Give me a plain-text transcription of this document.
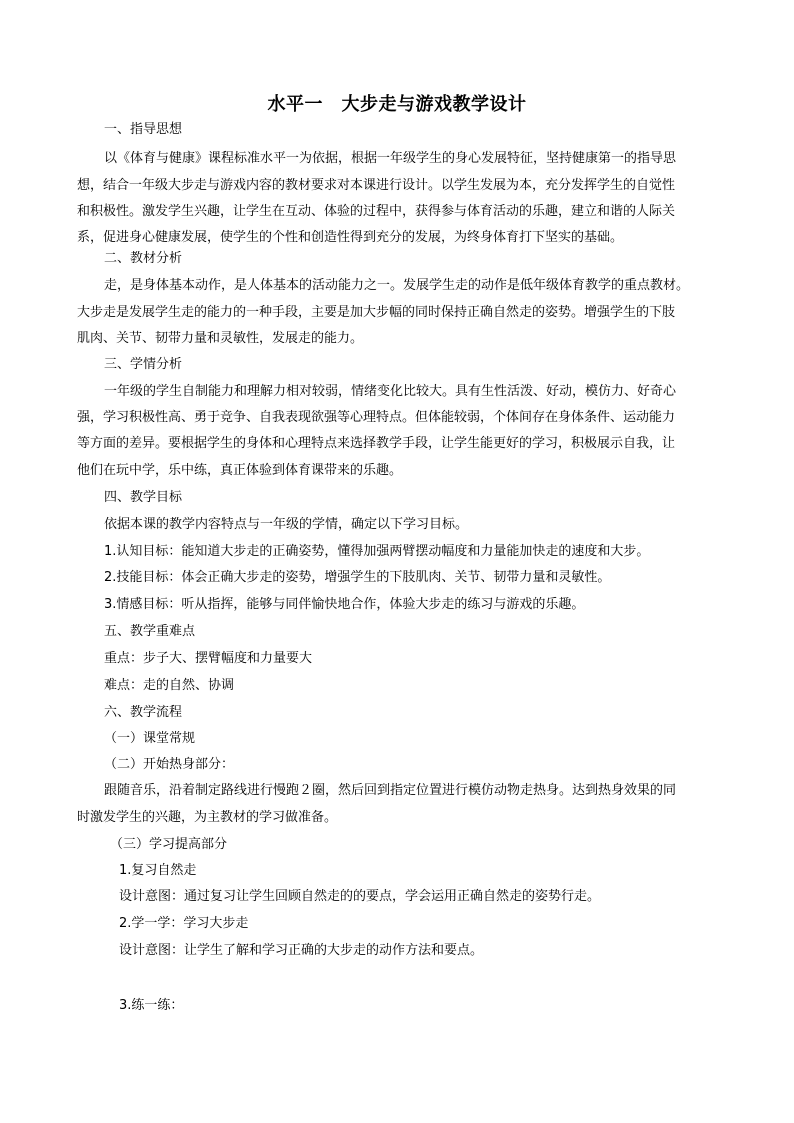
水平一　大步走与游戏教学设计
一、指导思想
以《体育与健康》课程标准水平一为依据，根据一年级学生的身心发展特征，坚持健康第一的指导思
想，结合一年级大步走与游戏内容的教材要求对本课进行设计。以学生发展为本，充分发挥学生的自觉性
和积极性。激发学生兴趣，让学生在互动、体验的过程中，获得参与体育活动的乐趣，建立和谐的人际关
系，促进身心健康发展，使学生的个性和创造性得到充分的发展，为终身体育打下坚实的基础。
二、教材分析
走，是身体基本动作，是人体基本的活动能力之一。发展学生走的动作是低年级体育教学的重点教材。
大步走是发展学生走的能力的一种手段，主要是加大步幅的同时保持正确自然走的姿势。增强学生的下肢
肌肉、关节、韧带力量和灵敏性，发展走的能力。
三、学情分析
一年级的学生自制能力和理解力相对较弱，情绪变化比较大。具有生性活泼、好动，模仿力、好奇心
强，学习积极性高、勇于竞争、自我表现欲强等心理特点。但体能较弱，个体间存在身体条件、运动能力
等方面的差异。要根据学生的身体和心理特点来选择教学手段，让学生能更好的学习，积极展示自我，让
他们在玩中学，乐中练，真正体验到体育课带来的乐趣。
四、教学目标
依据本课的教学内容特点与一年级的学情，确定以下学习目标。
1.认知目标：能知道大步走的正确姿势，懂得加强两臂摆动幅度和力量能加快走的速度和大步。
2.技能目标：体会正确大步走的姿势，增强学生的下肢肌肉、关节、韧带力量和灵敏性。
3.情感目标：听从指挥，能够与同伴愉快地合作，体验大步走的练习与游戏的乐趣。
五、教学重难点
重点：步子大、摆臂幅度和力量要大
难点：走的自然、协调
六、教学流程
（一）课堂常规
（二）开始热身部分：
跟随音乐，沿着制定路线进行慢跑２圈，然后回到指定位置进行模仿动物走热身。达到热身效果的同
时激发学生的兴趣，为主教材的学习做准备。
（三）学习提高部分
1.复习自然走
设计意图：通过复习让学生回顾自然走的的要点，学会运用正确自然走的姿势行走。
2.学一学：学习大步走
设计意图：让学生了解和学习正确的大步走的动作方法和要点。
3.练一练：
